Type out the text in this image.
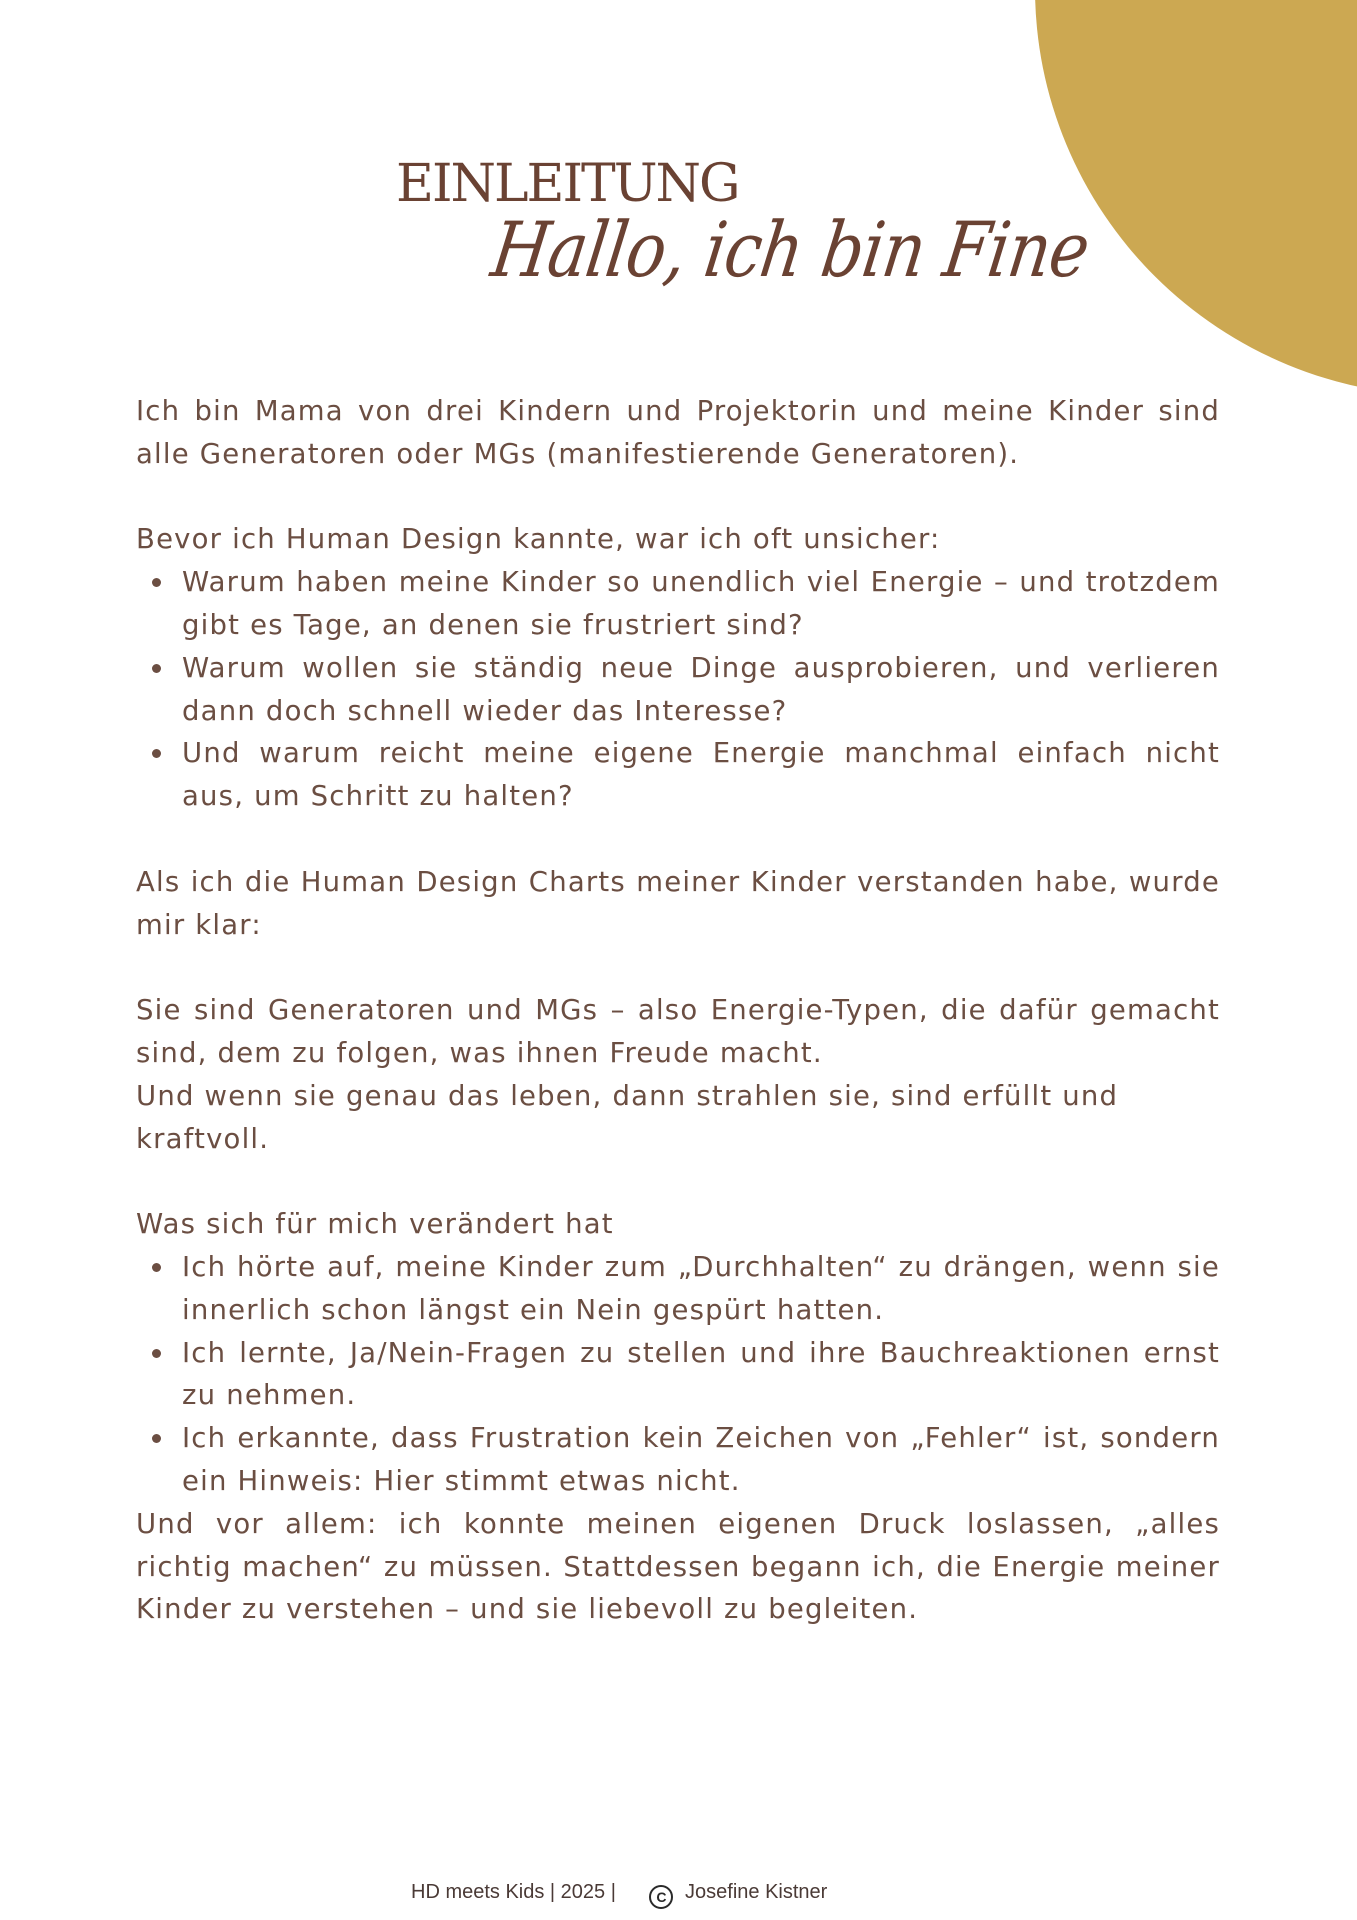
EINLEITUNG
Hallo, ich bin Fine

Ich bin Mama von drei Kindern und Projektorin und meine Kinder sind alle Generatoren oder MGs (manifestierende Generatoren).

Bevor ich Human Design kannte, war ich oft unsicher:

Warum haben meine Kinder so unendlich viel Energie – und trotzdem gibt es Tage, an denen sie frustriert sind?
Warum wollen sie ständig neue Dinge ausprobieren, und verlieren dann doch schnell wieder das Interesse?
Und warum reicht meine eigene Energie manchmal einfach nicht aus, um Schritt zu halten?

Als ich die Human Design Charts meiner Kinder verstanden habe, wurde mir klar:

Sie sind Generatoren und MGs – also Energie-Typen, die dafür gemacht sind, dem zu folgen, was ihnen Freude macht.

Und wenn sie genau das leben, dann strahlen sie, sind erfüllt und kraftvoll.

Was sich für mich verändert hat

Ich hörte auf, meine Kinder zum „Durchhalten“ zu drängen, wenn sie innerlich schon längst ein Nein gespürt hatten.
Ich lernte, Ja/Nein-Fragen zu stellen und ihre Bauchreaktionen ernst zu nehmen.
Ich erkannte, dass Frustration kein Zeichen von „Fehler“ ist, sondern ein Hinweis: Hier stimmt etwas nicht.

Und vor allem: ich konnte meinen eigenen Druck loslassen, „alles richtig machen“ zu müssen. Stattdessen begann ich, die Energie meiner Kinder zu verstehen – und sie liebevoll zu begleiten.

HD meets Kids | 2025 |	C Josefine Kistner
